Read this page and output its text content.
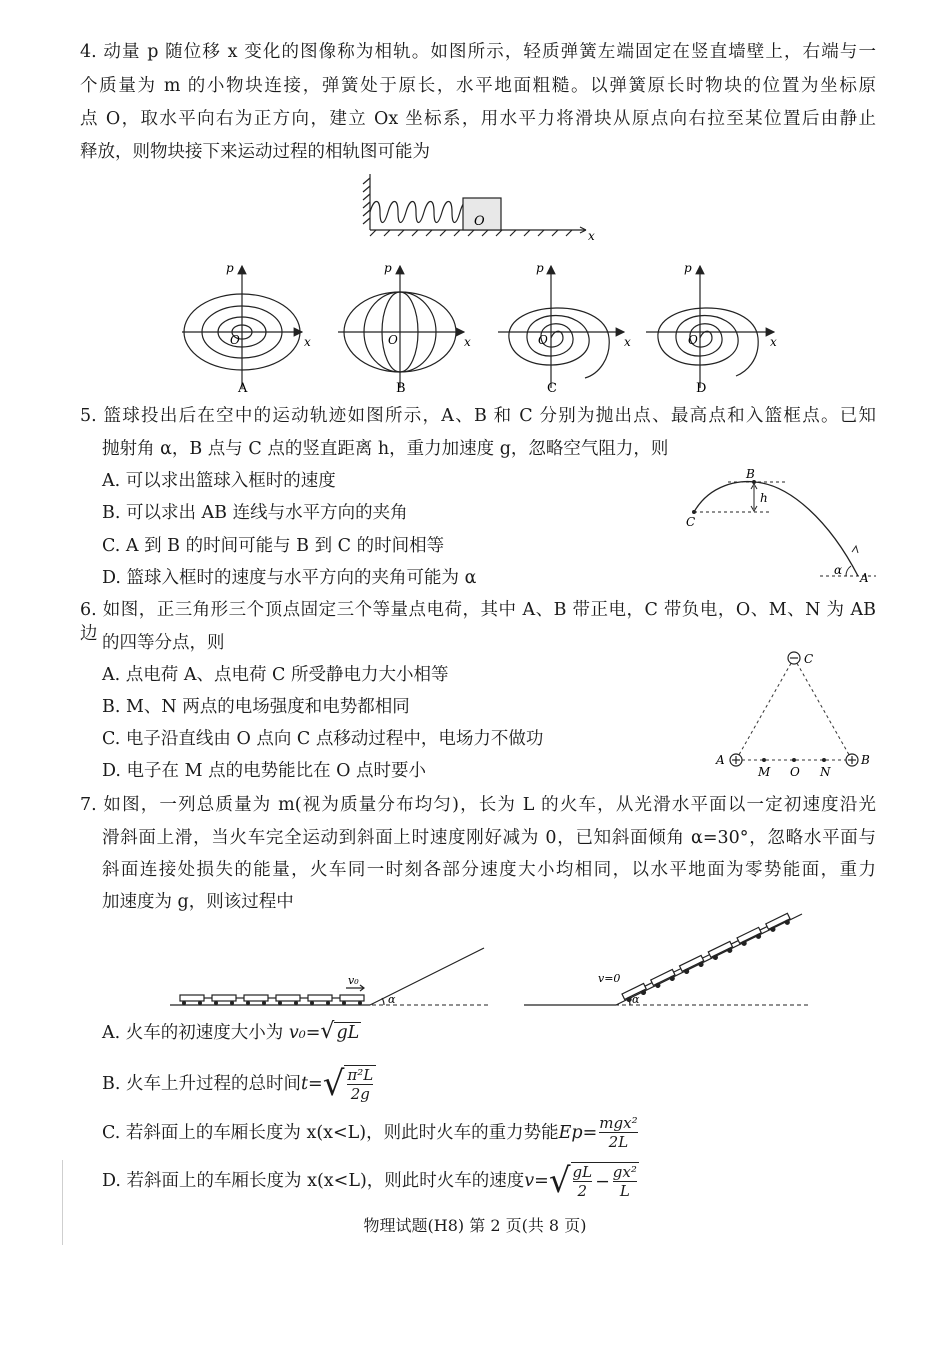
4. 动量 p 随位移 x 变化的图像称为相轨。如图所示，轻质弹簧左端固定在竖直墙壁上，右端与一
个质量为 m 的小物块连接，弹簧处于原长，水平地面粗糙。以弹簧原长时物块的位置为坐标原
点 O，取水平向右为正方向，建立 Ox 坐标系，用水平力将滑块从原点向右拉至某位置后由静止
释放，则物块接下来运动过程的相轨图可能为
O
x
p
x
O
p
x
O
p
x
O
p
x
O
A	B	C	D
5. 篮球投出后在空中的运动轨迹如图所示，A、B 和 C 分别为抛出点、最高点和入篮框点。已知
抛射角 α，B 点与 C 点的竖直距离 h，重力加速度 g，忽略空气阻力，则
A. 可以求出篮球入框时的速度
B. 可以求出 AB 连线与水平方向的夹角
C. A 到 B 的时间可能与 B 到 C 的时间相等
D. 篮球入框时的速度与水平方向的夹角可能为 α
B
C
h
α
A
6. 如图，正三角形三个顶点固定三个等量点电荷，其中 A、B 带正电，C 带负电，O、M、N 为 AB 边 的四等分点，则
A. 点电荷 A、点电荷 C 所受静电力大小相等
B. M、N 两点的电场强度和电势都相同
C. 电子沿直线由 O 点向 C 点移动过程中，电场力不做功
D. 电子在 M 点的电势能比在 O 点时要小
C
A	B
M O N
7. 如图，一列总质量为 m(视为质量分布均匀)，长为 L 的火车，从光滑水平面以一定初速度沿光
滑斜面上滑，当火车完全运动到斜面上时速度刚好减为 0，已知斜面倾角 α=30°，忽略水平面与
斜面连接处损失的能量，火车同一时刻各部分速度大小均相同，以水平地面为零势能面，重力
加速度为 g，则该过程中
v₀
α
v=0
α
A. 火车的初速度大小为 v₀=√ gL
B. 火车上升过程的总时间 t= √ $\frac{\text{π²L}}{2g}$
C. 若斜面上的车厢长度为 x(x<L)，则此时火车的重力势能 Ep= mgx²
2L
D. 若斜面上的车厢长度为 x(x<L)，则此时火车的速度 v= √ $\frac{gL}{2} - \frac{\text{gx²}}{L}$
物理试题(H8) 第 2 页(共 8 页)
